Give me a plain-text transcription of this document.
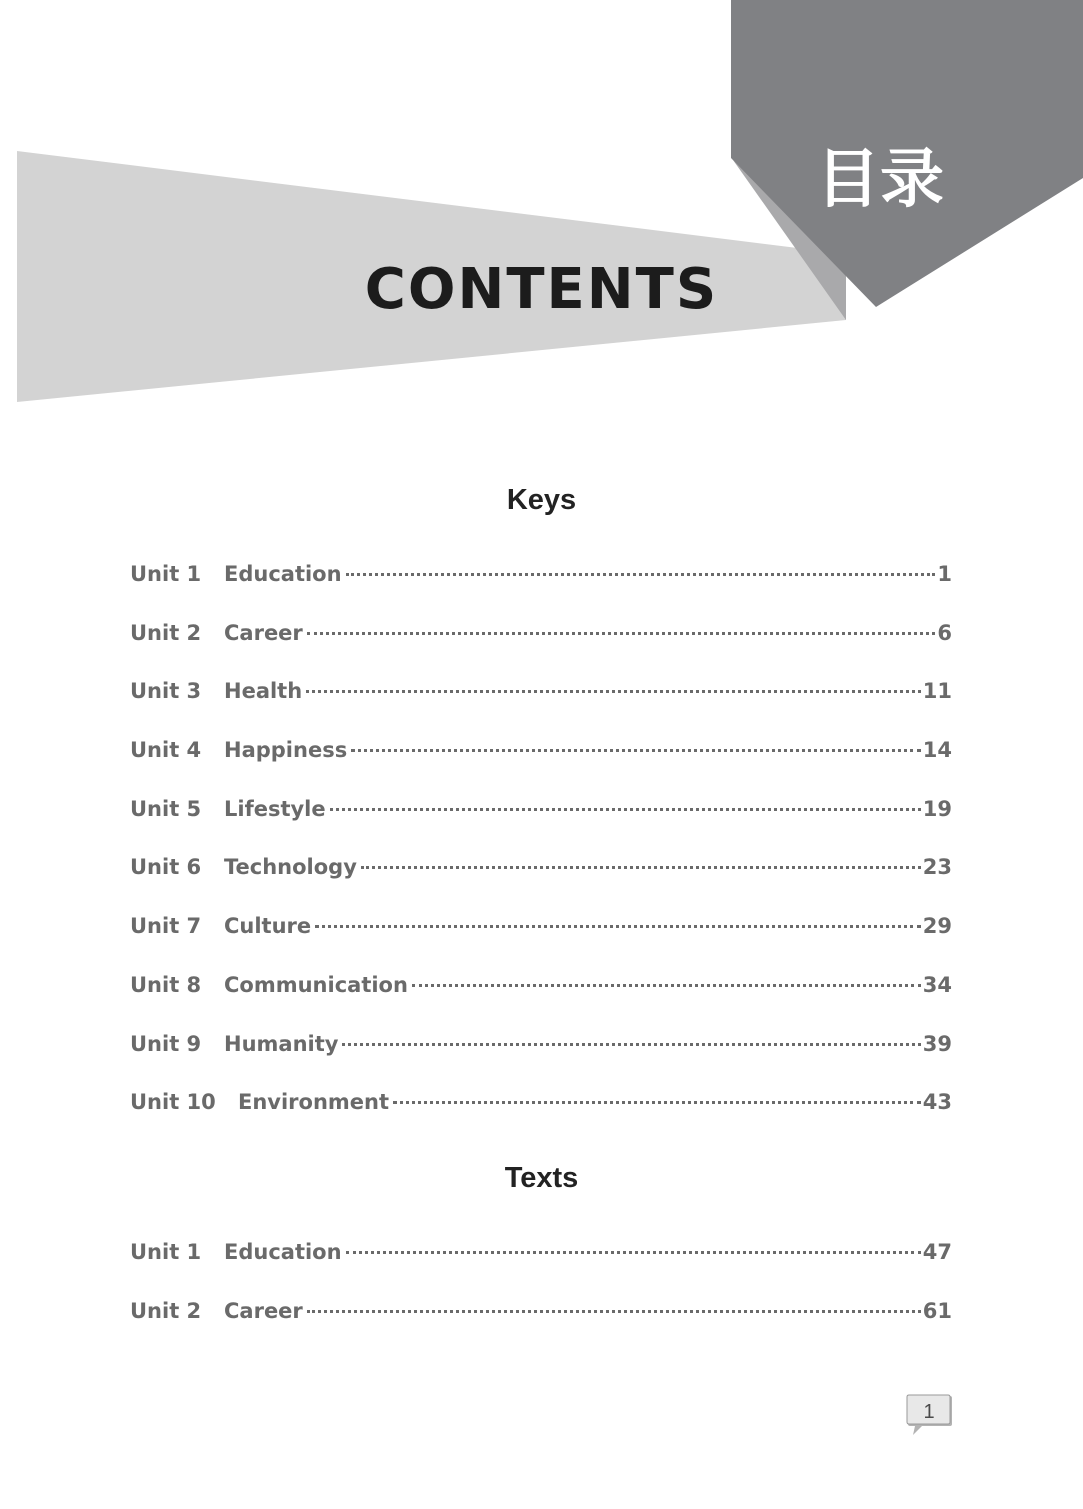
目录
CONTENTS
Keys
Unit 1	Education	1
Unit 2	Career	6
Unit 3	Health	11
Unit 4	Happiness	14
Unit 5	Lifestyle	19
Unit 6	Technology	23
Unit 7	Culture	29
Unit 8	Communication	34
Unit 9	Humanity	39
Unit 10	Environment	43
Texts
Unit 1	Education	47
Unit 2	Career	61
1
